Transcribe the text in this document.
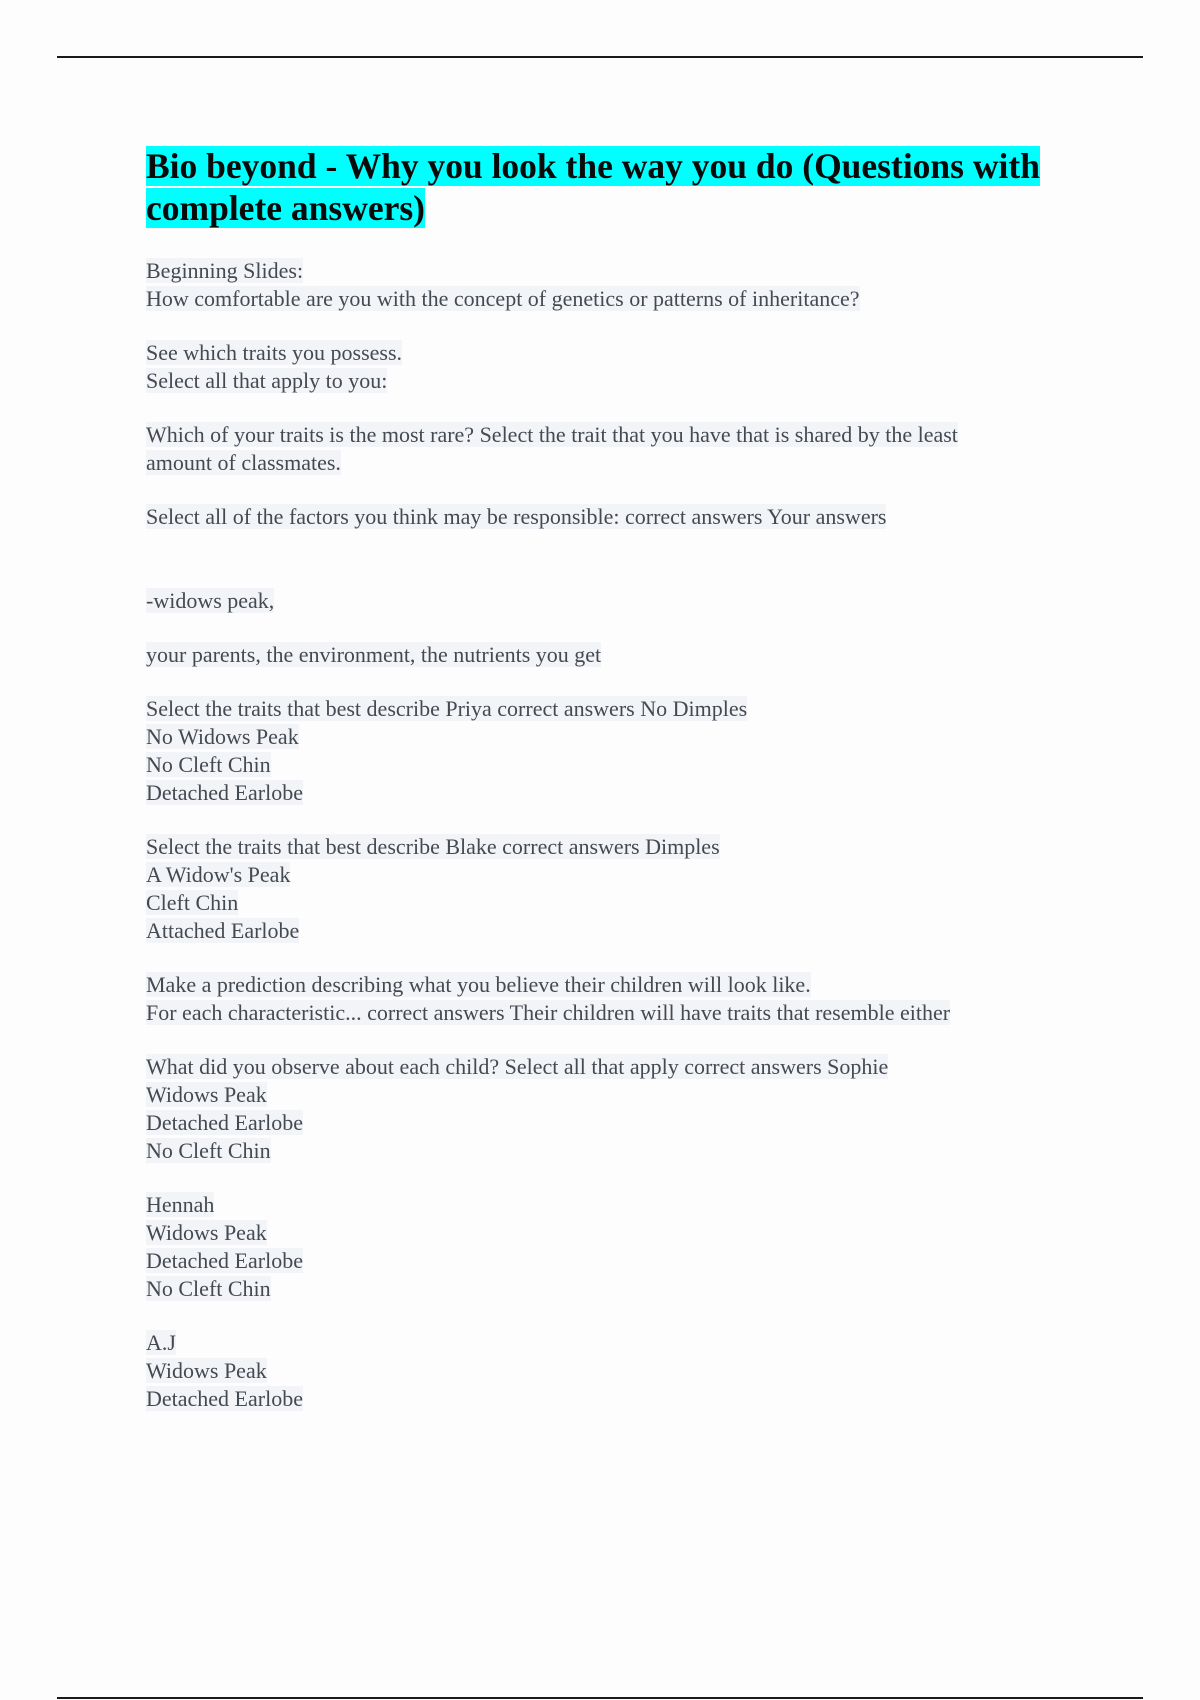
Bio beyond - Why you look the way you do (Questions with
complete answers)
Beginning Slides:
How comfortable are you with the concept of genetics or patterns of inheritance?
See which traits you possess.
Select all that apply to you:
Which of your traits is the most rare? Select the trait that you have that is shared by the least
amount of classmates.
Select all of the factors you think may be responsible: correct answers Your answers
-widows peak,
your parents, the environment, the nutrients you get
Select the traits that best describe Priya correct answers No Dimples
No Widows Peak
No Cleft Chin
Detached Earlobe
Select the traits that best describe Blake correct answers Dimples
A Widow's Peak
Cleft Chin
Attached Earlobe
Make a prediction describing what you believe their children will look like.
For each characteristic... correct answers Their children will have traits that resemble either
What did you observe about each child? Select all that apply correct answers Sophie
Widows Peak
Detached Earlobe
No Cleft Chin
Hennah
Widows Peak
Detached Earlobe
No Cleft Chin
A.J
Widows Peak
Detached Earlobe
